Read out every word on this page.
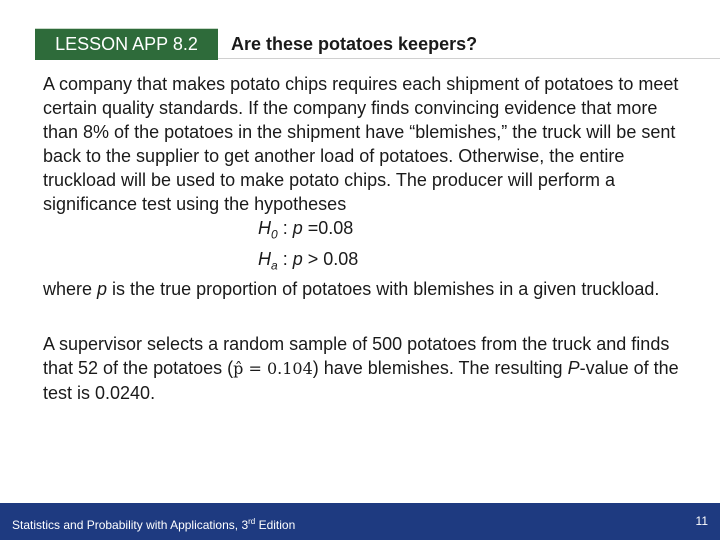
LESSON APP 8.2	Are these potatoes keepers?

A company that makes potato chips requires each shipment of potatoes to meet certain quality standards. If the company finds convincing evidence that more than 8% of the potatoes in the shipment have “blemishes,” the truck will be sent back to the supplier to get another load of potatoes. Otherwise, the entire truckload will be used to make potato chips. The producer will perform a significance test using the hypotheses

$H_0$ : p =0.08

$H_a$ : p > 0.08

where p is the true proportion of potatoes with blemishes in a given truckload.

A supervisor selects a random sample of 500 potatoes from the truck and finds that 52 of the potatoes (p̂ = 0.104) have blemishes. The resulting P-value of the test is 0.0240.

Statistics and Probability with Applications, 3rd Edition	11
